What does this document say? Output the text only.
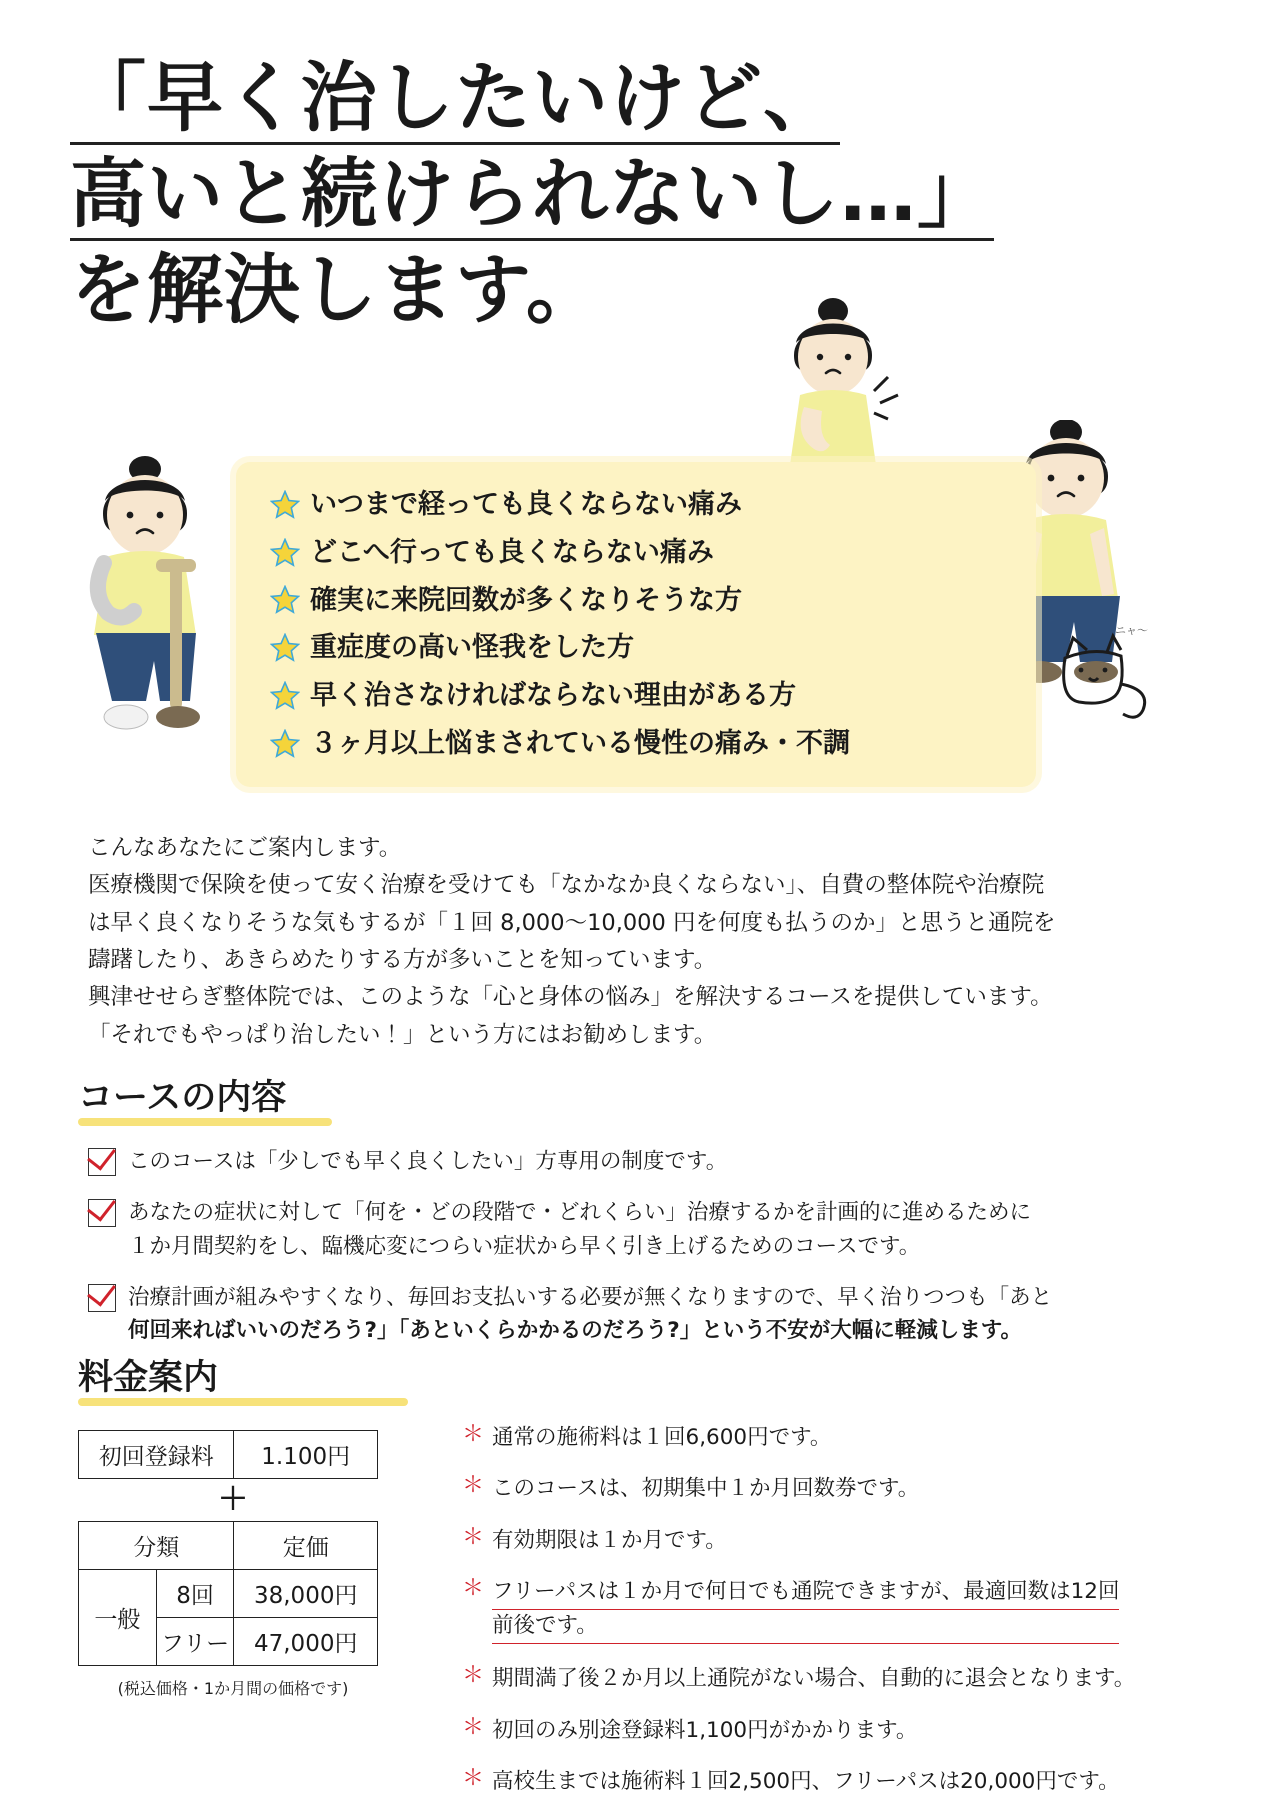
「早く治したいけど、 高いと続けられないし…」
を解決します。
ニャ〜
いつまで経っても良くならない痛み
どこへ行っても良くならない痛み
確実に来院回数が多くなりそうな方
重症度の高い怪我をした方
早く治さなければならない理由がある方
３ヶ月以上悩まされている慢性の痛み・不調
こんなあなたにご案内します。
医療機関で保険を使って安く治療を受けても「なかなか良くならない」、自費の整体院や治療院
は早く良くなりそうな気もするが「１回 8,000〜10,000 円を何度も払うのか」と思うと通院を
躊躇したり、あきらめたりする方が多いことを知っています。
興津せせらぎ整体院では、このような「心と身体の悩み」を解決するコースを提供しています。
「それでもやっぱり治したい！」という方にはお勧めします。
コースの内容
このコースは「少しでも早く良くしたい」方専用の制度です。
あなたの症状に対して「何を・どの段階で・どれくらい」治療するかを計画的に進めるために
１か月間契約をし、臨機応変につらい症状から早く引き上げるためのコースです。
治療計画が組みやすくなり、毎回お支払いする必要が無くなりますので、早く治りつつも「あと
何回来ればいいのだろう?」「あといくらかかるのだろう?」という不安が大幅に軽減します。
料金案内
初回登録料	1.100円
＋
分類		定価
一般	8回	38,000円
	フリー	47,000円
(税込価格・1か月間の価格です)
＊ 通常の施術料は１回6,600円です。
＊ このコースは、初期集中１か月回数券です。
＊ 有効期限は１か月です。
＊ フリーパスは１か月で何日でも通院できますが、最適回数は12回
前後です。
＊ 期間満了後２か月以上通院がない場合、自動的に退会となります。
＊ 初回のみ別途登録料1,100円がかかります。
＊ 高校生までは施術料１回2,500円、フリーパスは20,000円です。
